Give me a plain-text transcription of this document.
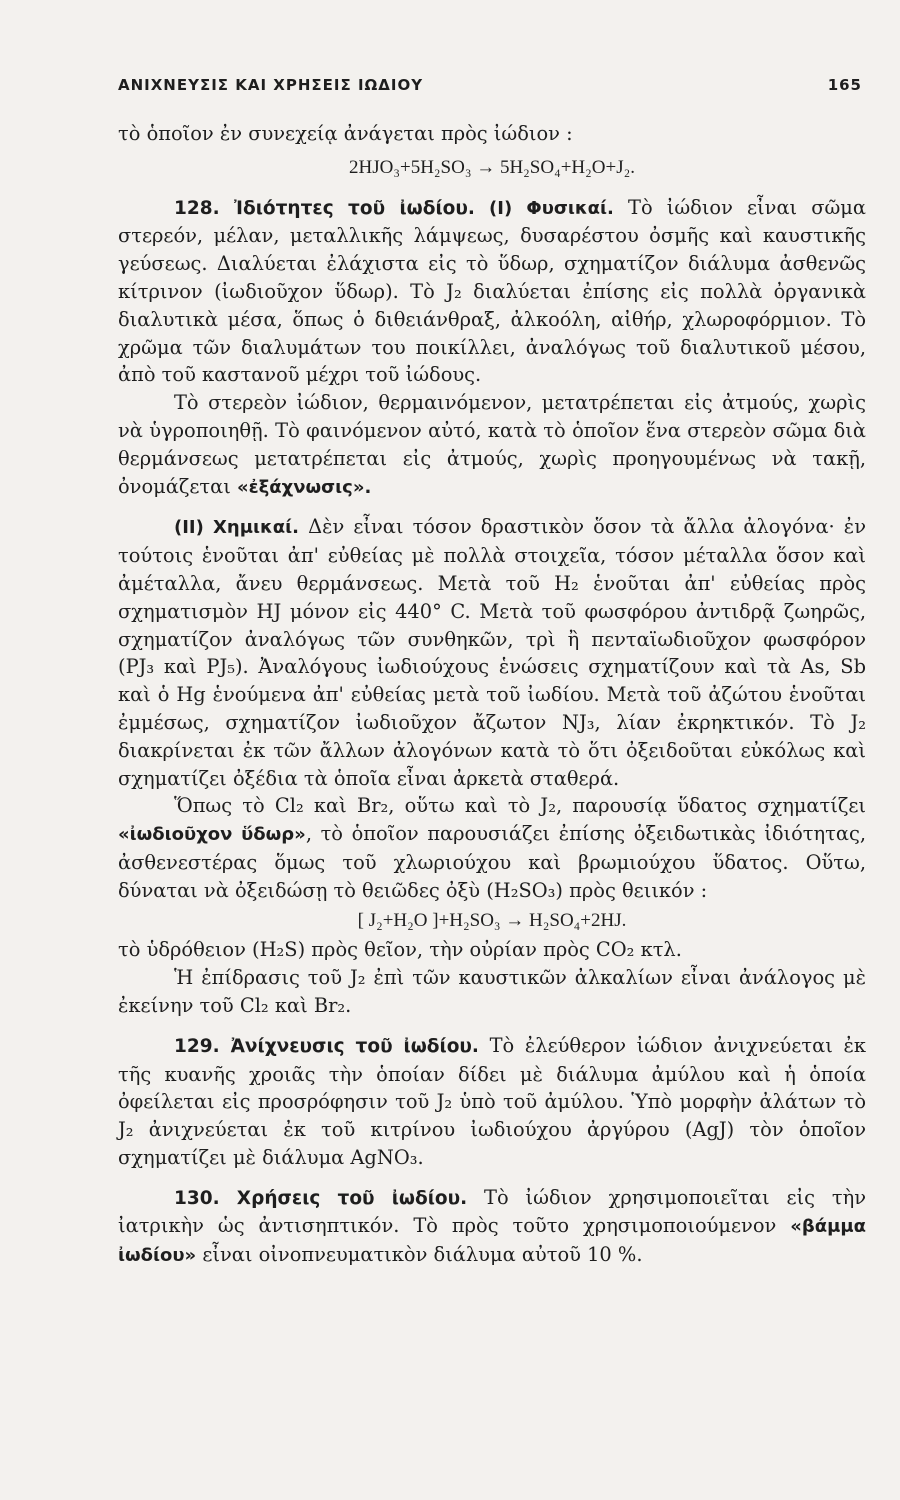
ΑΝΙΧΝΕΥΣΙΣ ΚΑΙ ΧΡΗΣΕΙΣ ΙΩΔΙΟΥ	165

τὸ ὁποῖον ἐν συνεχείᾳ ἀνάγεται πρὸς ἰώδιον :

2HJO₃+5H₂SO₃ → 5H₂SO₄+H₂O+J₂.

128. Ἰδιότητες τοῦ ἰωδίου. (I) Φυσικαί. Τὸ ἰώδιον εἶναι σῶμα στερεόν, μέλαν, μεταλλικῆς λάμψεως, δυσαρέστου ὀσμῆς καὶ καυστικῆς γεύσεως. Διαλύεται ἐλάχιστα εἰς τὸ ὕδωρ, σχηματίζον διάλυμα ἀσθενῶς κίτρινον (ἰωδιοῦχον ὕδωρ). Τὸ J₂ διαλύεται ἐπίσης εἰς πολλὰ ὀργανικὰ διαλυτικὰ μέσα, ὅπως ὁ διθειάνθραξ, ἀλκοόλη, αἰθήρ, χλωροφόρμιον. Τὸ χρῶμα τῶν διαλυμάτων του ποικίλλει, ἀναλόγως τοῦ διαλυτικοῦ μέσου, ἀπὸ τοῦ καστανοῦ μέχρι τοῦ ἰώδους.

Τὸ στερεὸν ἰώδιον, θερμαινόμενον, μετατρέπεται εἰς ἀτμούς, χωρὶς νὰ ὑγροποιηθῇ. Τὸ φαινόμενον αὐτό, κατὰ τὸ ὁποῖον ἕνα στερεὸν σῶμα διὰ θερμάνσεως μετατρέπεται εἰς ἀτμούς, χωρὶς προηγουμένως νὰ τακῇ, ὀνομάζεται «ἐξάχνωσις».

(II) Χημικαί. Δὲν εἶναι τόσον δραστικὸν ὅσον τὰ ἄλλα ἀλογόνα· ἐν τούτοις ἑνοῦται ἀπ' εὐθείας μὲ πολλὰ στοιχεῖα, τόσον μέταλλα ὅσον καὶ ἀμέταλλα, ἄνευ θερμάνσεως. Μετὰ τοῦ H₂ ἑνοῦται ἀπ' εὐθείας πρὸς σχηματισμὸν HJ μόνον εἰς 440° C. Μετὰ τοῦ φωσφόρου ἀντιδρᾷ ζωηρῶς, σχηματίζον ἀναλόγως τῶν συνθηκῶν, τρὶ ἢ πενταϊωδιοῦχον φωσφόρον (PJ₃ καὶ PJ₅). Ἀναλόγους ἰωδιούχους ἑνώσεις σχηματίζουν καὶ τὰ As, Sb καὶ ὁ Hg ἑνούμενα ἀπ' εὐθείας μετὰ τοῦ ἰωδίου. Μετὰ τοῦ ἀζώτου ἑνοῦται ἐμμέσως, σχηματίζον ἰωδιοῦχον ἄζωτον NJ₃, λίαν ἐκρηκτικόν. Τὸ J₂ διακρίνεται ἐκ τῶν ἄλλων ἀλογόνων κατὰ τὸ ὅτι ὀξειδοῦται εὐκόλως καὶ σχηματίζει ὀξέδια τὰ ὁποῖα εἶναι ἀρκετὰ σταθερά.

Ὅπως τὸ Cl₂ καὶ Br₂, οὕτω καὶ τὸ J₂, παρουσίᾳ ὕδατος σχηματίζει «ἰωδιοῦχον ὕδωρ», τὸ ὁποῖον παρουσιάζει ἐπίσης ὀξειδωτικὰς ἰδιότητας, ἀσθενεστέρας ὅμως τοῦ χλωριούχου καὶ βρωμιούχου ὕδατος. Οὕτω, δύναται νὰ ὀξειδώσῃ τὸ θειῶδες ὀξὺ (H₂SO₃) πρὸς θειικόν :

[ J₂+H₂O ]+H₂SO₃ → H₂SO₄+2HJ.

τὸ ὑδρόθειον (H₂S) πρὸς θεῖον, τὴν οὐρίαν πρὸς CO₂ κτλ.

Ἡ ἐπίδρασις τοῦ J₂ ἐπὶ τῶν καυστικῶν ἀλκαλίων εἶναι ἀνάλογος μὲ ἐκείνην τοῦ Cl₂ καὶ Br₂.

129. Ἀνίχνευσις τοῦ ἰωδίου. Τὸ ἐλεύθερον ἰώδιον ἀνιχνεύεται ἐκ τῆς κυανῆς χροιᾶς τὴν ὁποίαν δίδει μὲ διάλυμα ἀμύλου καὶ ἡ ὁποία ὀφείλεται εἰς προσρόφησιν τοῦ J₂ ὑπὸ τοῦ ἀμύλου. Ὑπὸ μορφὴν ἀλάτων τὸ J₂ ἀνιχνεύεται ἐκ τοῦ κιτρίνου ἰωδιούχου ἀργύρου (AgJ) τὸν ὁποῖον σχηματίζει μὲ διάλυμα AgNO₃.

130. Χρήσεις τοῦ ἰωδίου. Τὸ ἰώδιον χρησιμοποιεῖται εἰς τὴν ἰατρικὴν ὡς ἀντισηπτικόν. Τὸ πρὸς τοῦτο χρησιμοποιούμενον «βάμμα ἰωδίου» εἶναι οἰνοπνευματικὸν διάλυμα αὐτοῦ 10 %.
